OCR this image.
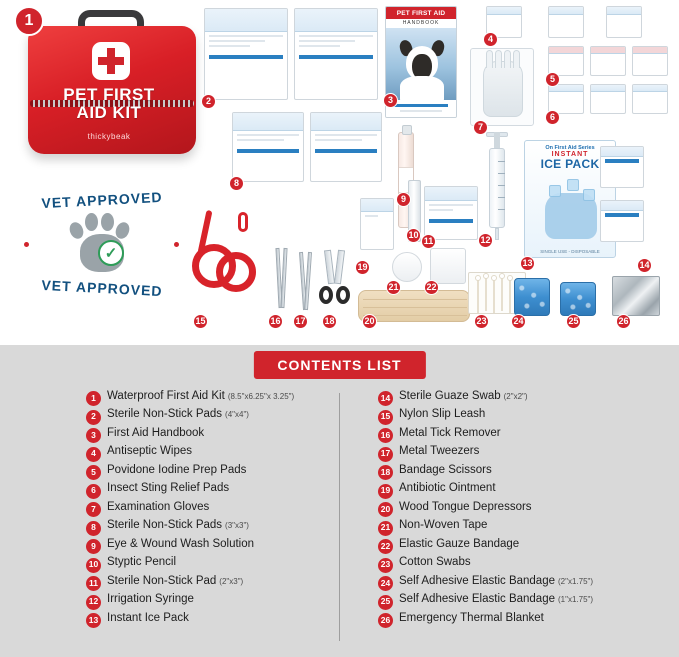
PET FIRST
AID KIT
thickybeak
1
VET APPROVED
✓
VET APPROVED
2
PET FIRST AID
HANDBOOK
3
4
5
6
7
8
9
10
11	12
On First Aid Series
INSTANT
ICE PACK
SINGLE USE - DISPOSABLE
13	14
15	16 17 18
19
20
21	22
23	24	25	26
CONTENTS LIST
1 Waterproof First Aid Kit (8.5"x6.25"x 3.25")
2 Sterile Non-Stick Pads (4"x4")
3 First Aid Handbook
4 Antiseptic Wipes
5 Povidone Iodine Prep Pads
6 Insect Sting Relief Pads
7 Examination Gloves
8 Sterile Non-Stick Pads (3"x3")
9 Eye & Wound Wash Solution
10 Styptic Pencil
11 Sterile Non-Stick Pad (2"x3")
12 Irrigation Syringe
13 Instant Ice Pack
14 Sterile Guaze Swab (2"x2")
15 Nylon Slip Leash
16 Metal Tick Remover
17 Metal Tweezers
18 Bandage Scissors
19 Antibiotic Ointment
20 Wood Tongue Depressors
21 Non-Woven Tape
22 Elastic Gauze Bandage
23 Cotton Swabs
24 Self Adhesive Elastic Bandage (2"x1.75")
25 Self Adhesive Elastic Bandage (1"x1.75")
26 Emergency Thermal Blanket
